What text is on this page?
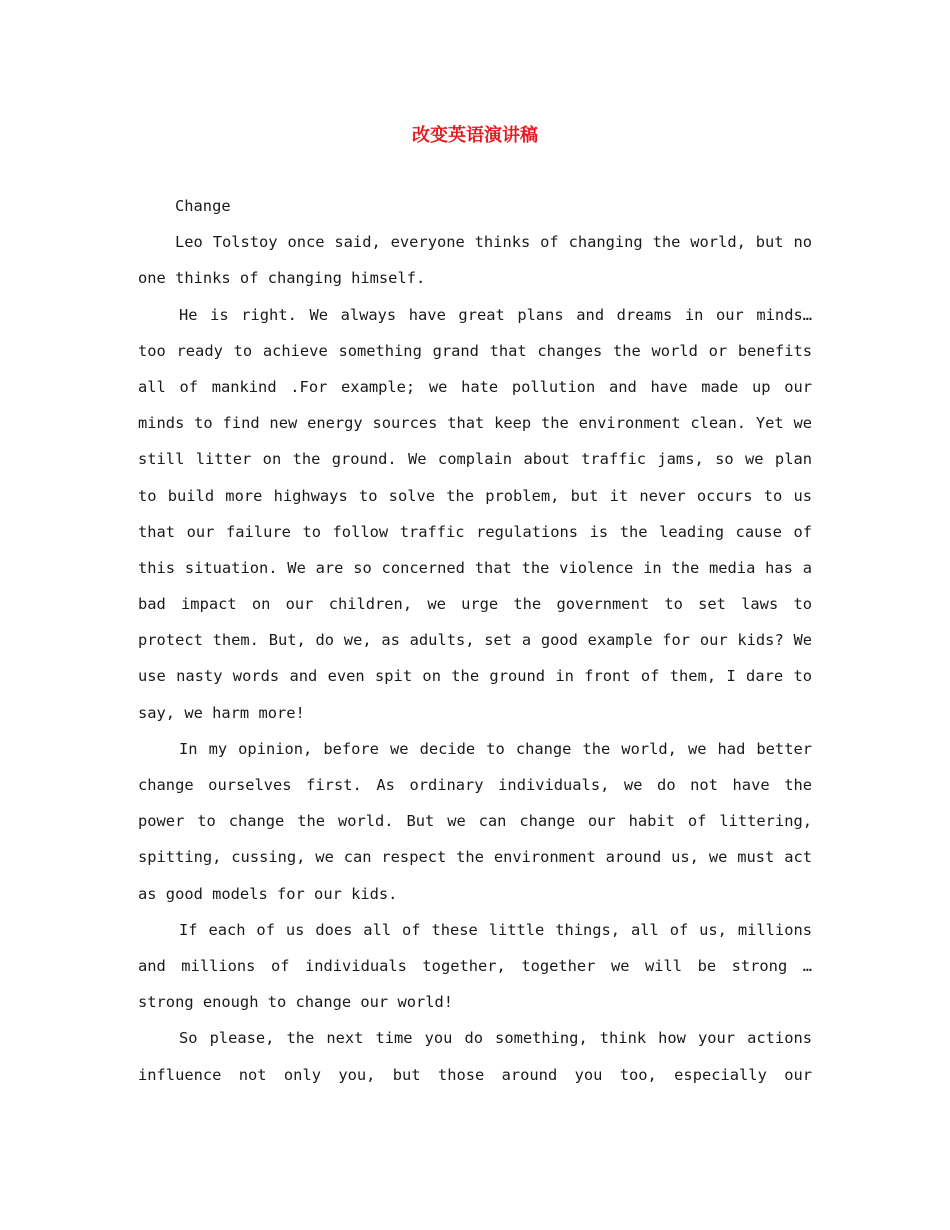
改变英语演讲稿
Change
Leo Tolstoy once said, everyone thinks of changing the world, but no
one thinks of changing himself.
He is right. We always have great plans and dreams in our minds…
too ready to achieve something grand that changes the world or benefits
all of mankind .For example; we hate pollution and have made up our
minds to find new energy sources that keep the environment clean. Yet we
still litter on the ground. We complain about traffic jams, so we plan
to build more highways to solve the problem, but it never occurs to us
that our failure to follow traffic regulations is the leading cause of
this situation. We are so concerned that the violence in the media has a
bad impact on our children, we urge the government to set laws to
protect them. But, do we, as adults, set a good example for our kids? We
use nasty words and even spit on the ground in front of them, I dare to
say, we harm more!
In my opinion, before we decide to change the world, we had better
change ourselves first. As ordinary individuals, we do not have the
power to change the world. But we can change our habit of littering,
spitting, cussing, we can respect the environment around us, we must act
as good models for our kids.
If each of us does all of these little things, all of us, millions
and millions of individuals together, together we will be strong …
strong enough to change our world!
So please, the next time you do something, think how your actions
influence not only you, but those around you too, especially our
